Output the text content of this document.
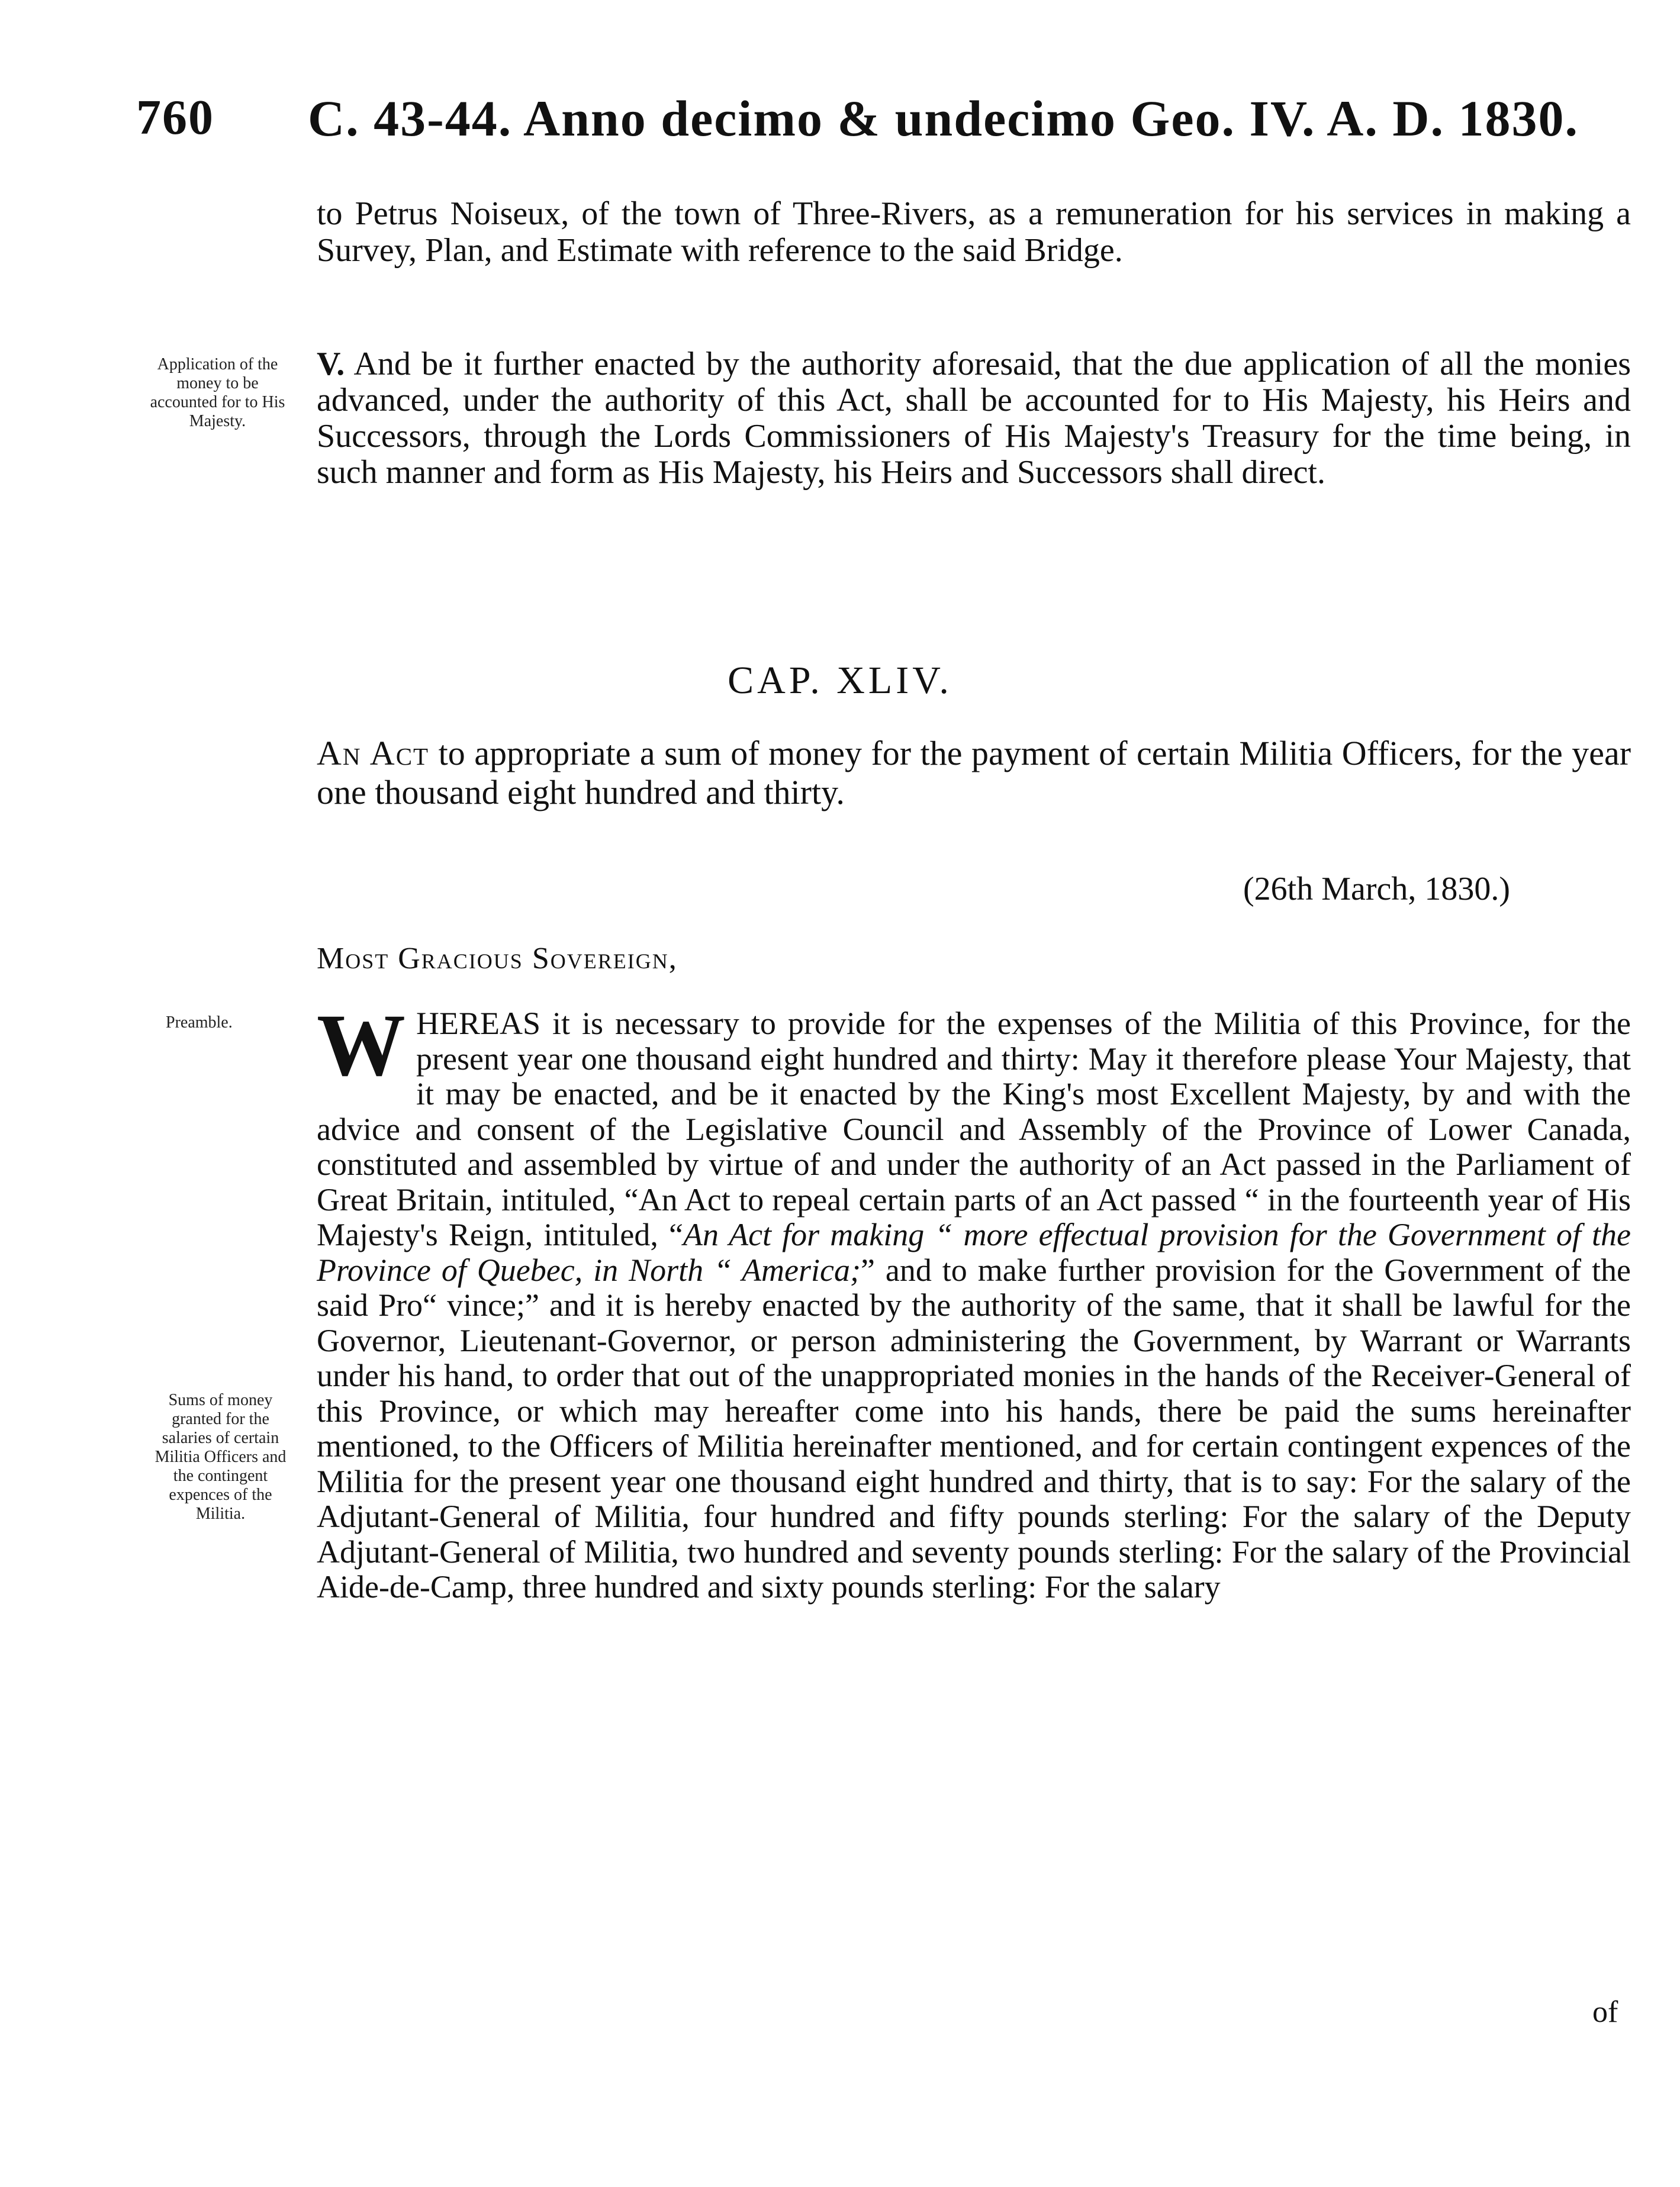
760 C. 43-44. Anno decimo & undecimo Geo. IV. A. D. 1830.
to Petrus Noiseux, of the town of Three-Rivers, as a remuneration for his services in making a Survey, Plan, and Estimate with reference to the said Bridge.
Application of the money to be accounted for to His Majesty.
V. And be it further enacted by the authority aforesaid, that the due application of all the monies advanced, under the authority of this Act, shall be accounted for to His Majesty, his Heirs and Successors, through the Lords Commissioners of His Majesty's Treasury for the time being, in such manner and form as His Majesty, his Heirs and Successors shall direct.
CAP. XLIV.
An Act to appropriate a sum of money for the payment of certain Militia Officers, for the year one thousand eight hundred and thirty.
(26th March, 1830.)
Most Gracious Sovereign,
Preamble. W HEREAS it is necessary to provide for the expenses of the Militia of this Province, for the present year one thousand eight hundred and thirty: May it therefore please Your Majesty, that it may be enacted, and be it enacted by the King's most Excellent Majesty, by and with the advice and consent of the Legislative Council and Assembly of the Province of Lower Canada, constituted and assembled by virtue of and under the authority of an Act passed in the Parliament of Great Britain, intituled, “An Act to repeal certain parts of an Act passed “ in the fourteenth year of His Majesty's Reign, intituled, “An Act for making “ more effectual provision for the Government of the Province of Quebec, in North “ America;” and to make further provision for the Government of the said Pro“ vince;” and it is hereby enacted by the authority of the same, that it shall be lawful for the Governor, Lieutenant-Governor, or person administering the Government, by Warrant or Warrants under his hand, to order that out of the unappropriated monies in the hands of the Receiver-General of this Province, or which may hereafter come into his hands, there be paid the sums hereinafter mentioned, to the Officers of Militia hereinafter mentioned, and for certain contingent expences of the Militia for the present year one thousand eight hundred and thirty, that is to say: For the salary of the Adjutant-General of Militia, four hundred and fifty pounds sterling: For the salary of the Deputy Adjutant-General of Militia, two hundred and seventy pounds sterling: For the salary of the Provincial Aide-de-Camp, three hundred and sixty pounds sterling: For the salary
Sums of money granted for the salaries of certain Militia Officers and the contingent expences of the Militia.
of
